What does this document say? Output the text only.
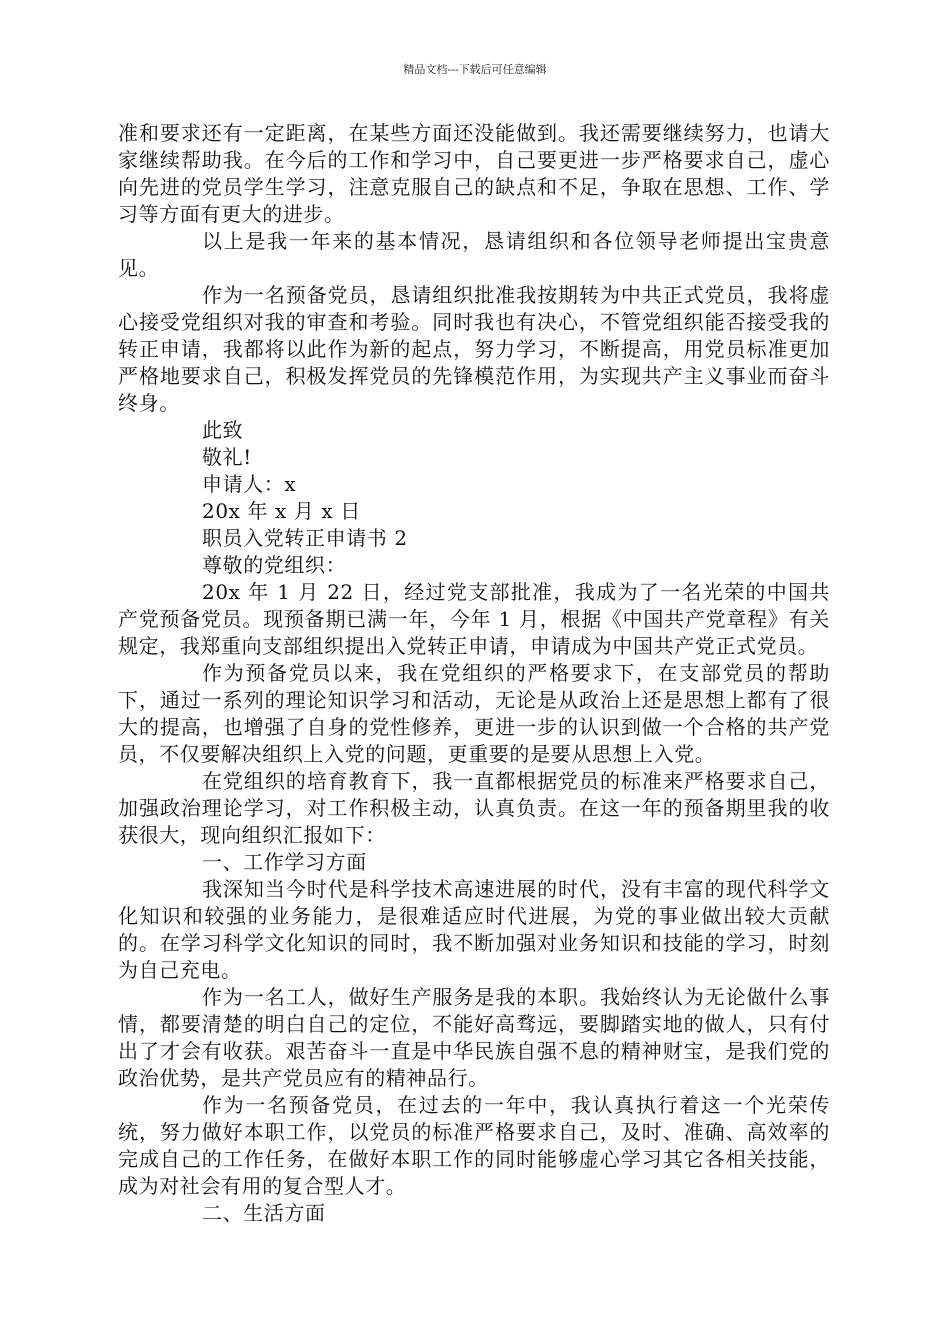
精品文档---下载后可任意编辑

准和要求还有一定距离，在某些方面还没能做到。我还需要继续努力，也请大家继续帮助我。在今后的工作和学习中，自己要更进一步严格要求自己，虚心向先进的党员学生学习，注意克服自己的缺点和不足，争取在思想、工作、学习等方面有更大的进步。

以上是我一年来的基本情况，恳请组织和各位领导老师提出宝贵意见。

作为一名预备党员，恳请组织批准我按期转为中共正式党员，我将虚心接受党组织对我的审查和考验。同时我也有决心，不管党组织能否接受我的转正申请，我都将以此作为新的起点，努力学习，不断提高，用党员标准更加严格地要求自己，积极发挥党员的先锋模范作用，为实现共产主义事业而奋斗终身。

此致

敬礼!

申请人：x

20x 年 x 月 x 日

职员入党转正申请书 2

尊敬的党组织：

20x 年 1 月 22 日，经过党支部批准，我成为了一名光荣的中国共产党预备党员。现预备期已满一年，今年 1 月，根据《中国共产党章程》有关规定，我郑重向支部组织提出入党转正申请，申请成为中国共产党正式党员。

作为预备党员以来，我在党组织的严格要求下，在支部党员的帮助下，通过一系列的理论知识学习和活动，无论是从政治上还是思想上都有了很大的提高，也增强了自身的党性修养，更进一步的认识到做一个合格的共产党员，不仅要解决组织上入党的问题，更重要的是要从思想上入党。

在党组织的培育教育下，我一直都根据党员的标准来严格要求自己，加强政治理论学习，对工作积极主动，认真负责。在这一年的预备期里我的收获很大，现向组织汇报如下：

一、工作学习方面

我深知当今时代是科学技术高速进展的时代，没有丰富的现代科学文化知识和较强的业务能力，是很难适应时代进展，为党的事业做出较大贡献的。在学习科学文化知识的同时，我不断加强对业务知识和技能的学习，时刻为自己充电。

作为一名工人，做好生产服务是我的本职。我始终认为无论做什么事情，都要清楚的明白自己的定位，不能好高骛远，要脚踏实地的做人，只有付出了才会有收获。艰苦奋斗一直是中华民族自强不息的精神财宝，是我们党的政治优势，是共产党员应有的精神品行。

作为一名预备党员，在过去的一年中，我认真执行着这一个光荣传统，努力做好本职工作，以党员的标准严格要求自己，及时、准确、高效率的完成自己的工作任务，在做好本职工作的同时能够虚心学习其它各相关技能，成为对社会有用的复合型人才。

二、生活方面
